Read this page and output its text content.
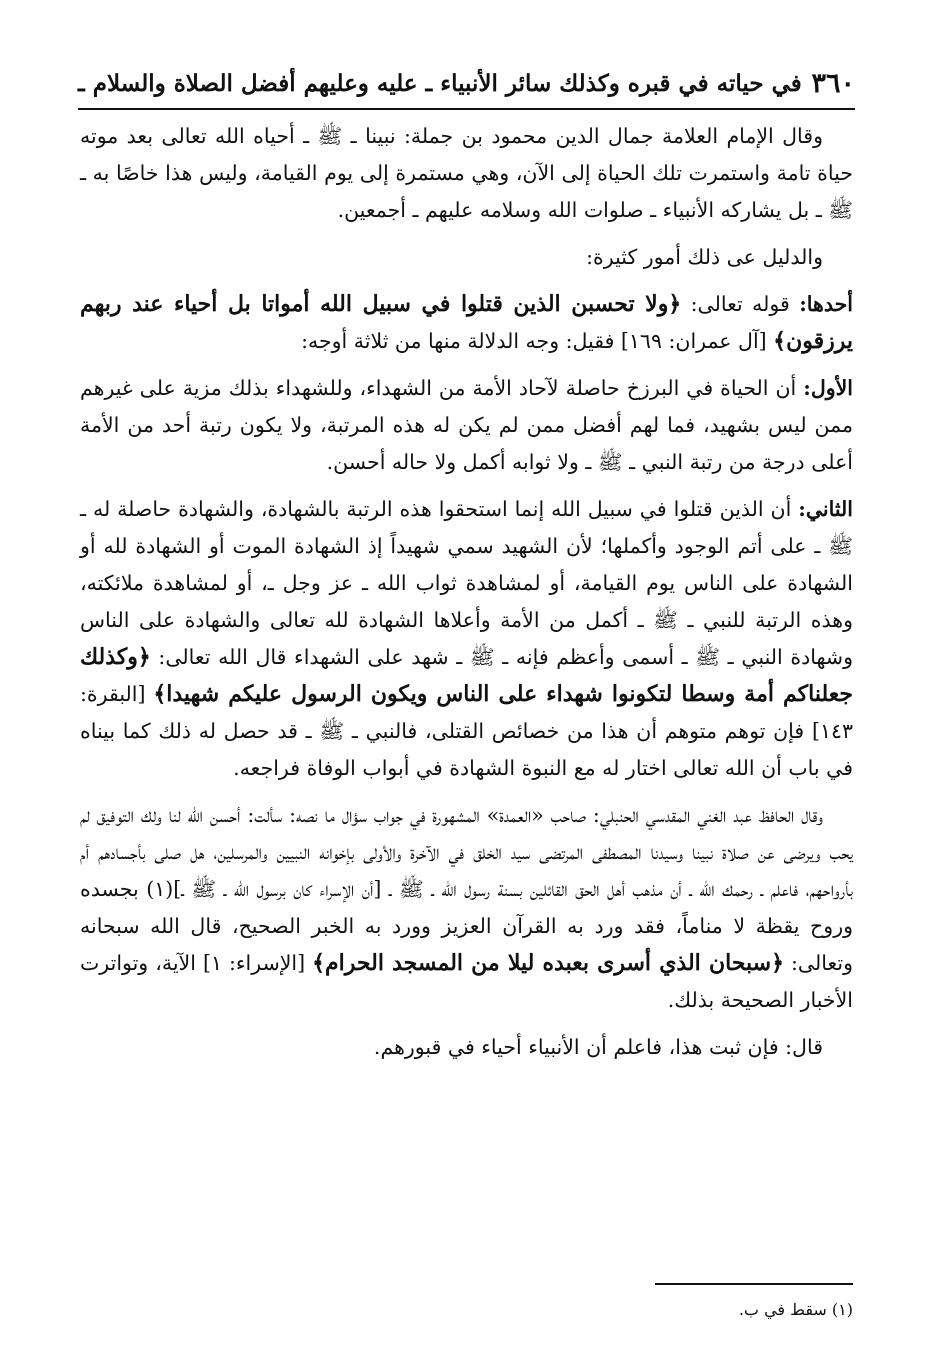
٣٦٠
في حياته في قبره وكذلك سائر الأنبياء ـ عليه وعليهم أفضل الصلاة والسلام ـ

وقال الإمام العلامة جمال الدين محمود بن جملة: نبينا ـ ﷺ ـ أحياه الله تعالى بعد موته حياة تامة واستمرت تلك الحياة إلى الآن، وهي مستمرة إلى يوم القيامة، وليس هذا خاصًا به ـ ﷺ ـ بل يشاركه الأنبياء ـ صلوات الله وسلامه عليهم ـ أجمعين.

والدليل عى ذلك أمور كثيرة:

أحدها: قوله تعالى: ﴿ولا تحسبن الذين قتلوا في سبيل الله أمواتا بل أحياء عند ربهم يرزقون﴾ [آل عمران: ١٦٩] فقيل: وجه الدلالة منها من ثلاثة أوجه:

الأول: أن الحياة في البرزخ حاصلة لآحاد الأمة من الشهداء، وللشهداء بذلك مزية على غيرهم ممن ليس بشهيد، فما لهم أفضل ممن لم يكن له هذه المرتبة، ولا يكون رتبة أحد من الأمة أعلى درجة من رتبة النبي ـ ﷺ ـ ولا ثوابه أكمل ولا حاله أحسن.

الثاني: أن الذين قتلوا في سبيل الله إنما استحقوا هذه الرتبة بالشهادة، والشهادة حاصلة له ـ ﷺ ـ على أتم الوجود وأكملها؛ لأن الشهيد سمي شهيداً إذ الشهادة الموت أو الشهادة لله أو الشهادة على الناس يوم القيامة، أو لمشاهدة ثواب الله ـ عز وجل ـ، أو لمشاهدة ملائكته، وهذه الرتبة للنبي ـ ﷺ ـ أكمل من الأمة وأعلاها الشهادة لله تعالى والشهادة على الناس وشهادة النبي ـ ﷺ ـ أسمى وأعظم فإنه ـ ﷺ ـ شهد على الشهداء قال الله تعالى: ﴿وكذلك جعلناكم أمة وسطا لتكونوا شهداء على الناس ويكون الرسول عليكم شهيدا﴾ [البقرة: ١٤٣] فإن توهم متوهم أن هذا من خصائص القتلى، فالنبي ـ ﷺ ـ قد حصل له ذلك كما بيناه في باب أن الله تعالى اختار له مع النبوة الشهادة في أبواب الوفاة فراجعه.

وقال الحافظ عبد الغني المقدسي الحنبلي: صاحب «العمدة» المشهورة في جواب سؤال ما نصه: سألت: أحسن الله لنا ولك التوفيق لم يحب ويرضى عن صلاة نبينا وسيدنا المصطفى المرتضى سيد الخلق في الآخرة والأولى بإخوانه النبيين والمرسلين، هل صلى بأجسادهم أم بأرواحهم، فاعلم ـ رحمك الله ـ أن مذهب أهل الحق القائلين بسنة رسول الله ـ ﷺ ـ [أن الإسراء كان برسول الله ـ ﷺ ـ](١) بجسده وروح يقظة لا مناماً، فقد ورد به القرآن العزيز وورد به الخبر الصحيح، قال الله سبحانه وتعالى: ﴿سبحان الذي أسرى بعبده ليلا من المسجد الحرام﴾ [الإسراء: ١] الآية، وتواترت الأخبار الصحيحة بذلك.

قال: فإن ثبت هذا، فاعلم أن الأنبياء أحياء في قبورهم.

(١) سقط في ب.
